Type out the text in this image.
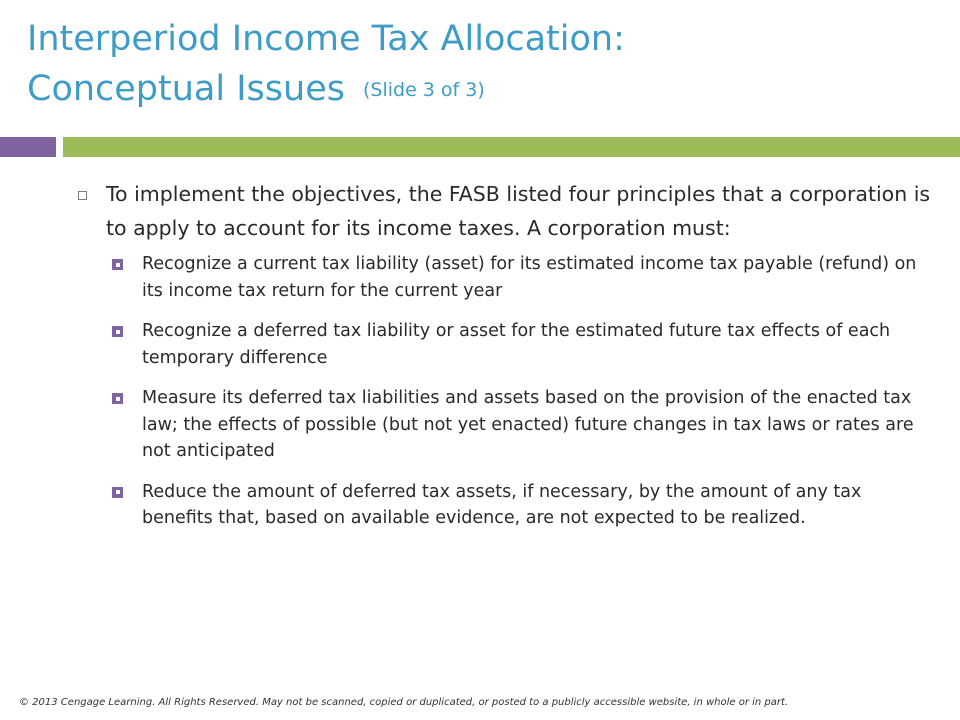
Interperiod Income Tax Allocation:
Conceptual Issues $^{(Slide 3 of 3)}$

To implement the objectives, the FASB listed four principles that a corporation is to apply to account for its income taxes. A corporation must:

Recognize a current tax liability (asset) for its estimated income tax payable (refund) on its income tax return for the current year
Recognize a deferred tax liability or asset for the estimated future tax effects of each temporary difference
Measure its deferred tax liabilities and assets based on the provision of the enacted tax law; the effects of possible (but not yet enacted) future changes in tax laws or rates are not anticipated
Reduce the amount of deferred tax assets, if necessary, by the amount of any tax benefits that, based on available evidence, are not expected to be realized.
© 2013 Cengage Learning. All Rights Reserved. May not be scanned, copied or duplicated, or posted to a publicly accessible website, in whole or in part.
